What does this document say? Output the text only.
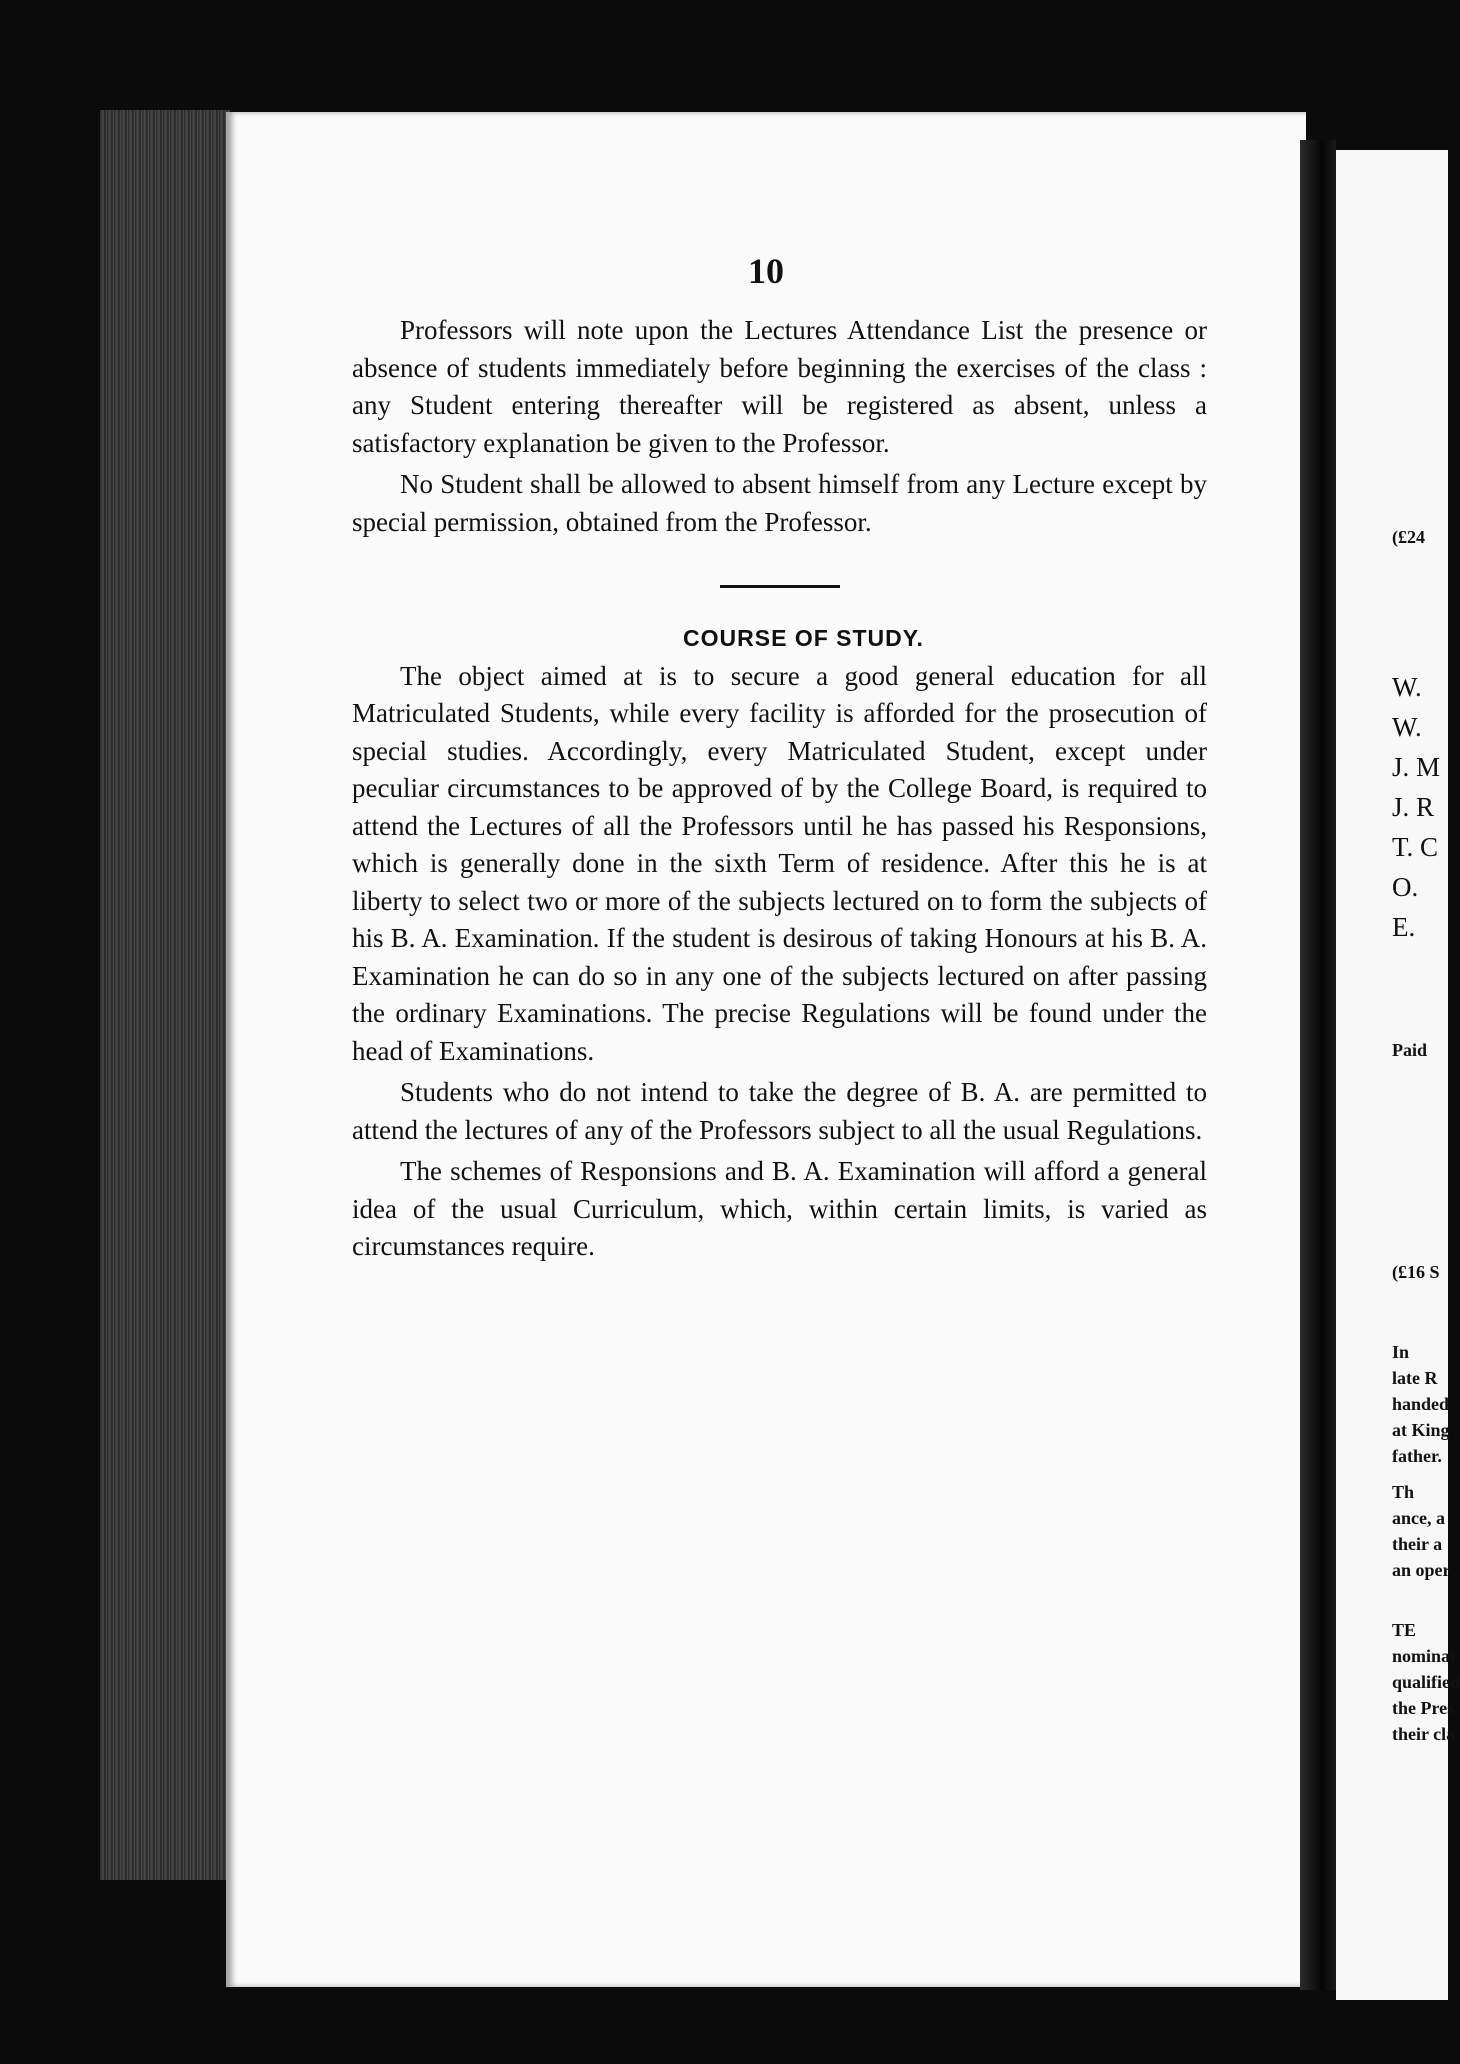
10

Professors will note upon the Lectures Attendance List the presence or absence of students immediately before beginning the exercises of the class : any Student entering thereafter will be registered as absent, unless a satisfactory explanation be given to the Professor.

No Student shall be allowed to absent himself from any Lecture except by special permission, obtained from the Professor.

COURSE OF STUDY.

The object aimed at is to secure a good general education for all Matriculated Students, while every facility is afforded for the prosecution of special studies. Accordingly, every Matriculated Student, except under peculiar circumstances to be approved of by the College Board, is required to attend the Lectures of all the Professors until he has passed his Responsions, which is generally done in the sixth Term of residence. After this he is at liberty to select two or more of the subjects lectured on to form the subjects of his B. A. Examination. If the student is desirous of taking Honours at his B. A. Examination he can do so in any one of the subjects lectured on after passing the ordinary Examinations. The precise Regulations will be found under the head of Examinations.

Students who do not intend to take the degree of B. A. are permitted to attend the lectures of any of the Professors subject to all the usual Regulations.

The schemes of Responsions and B. A. Examination will afford a general idea of the usual Curriculum, which, within certain limits, is varied as circumstances require.

(£24
W.
W.
J. M
J. R
T. C
O.
E.
Paid
(£16 S
In
late R
handed
at King
father.
Th
ance, a
their a
an oper
TE
nominat
qualified
the Pres
their cla
